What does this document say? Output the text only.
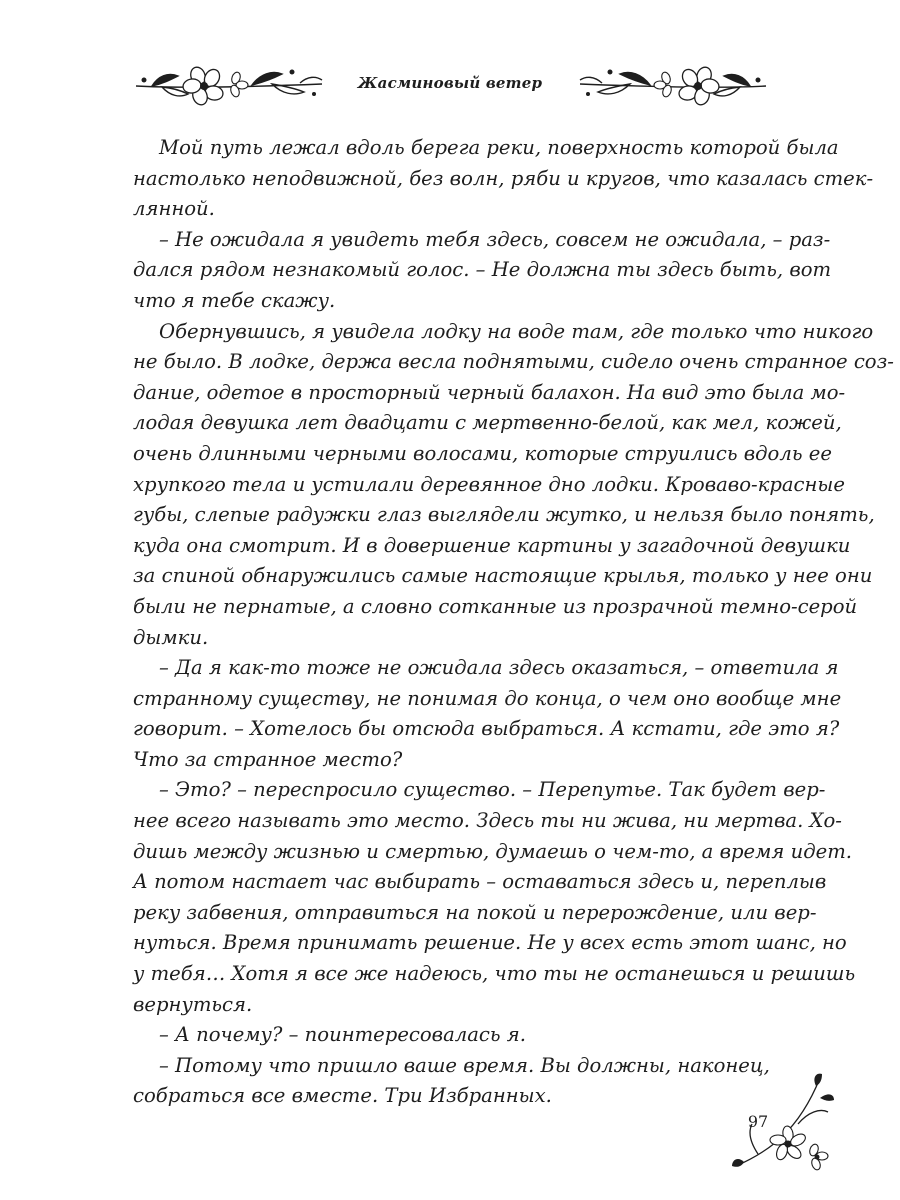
Жасминовый ветер
Мой путь лежал вдоль берега реки, поверхность которой была
настолько неподвижной, без волн, ряби и кругов, что казалась стек-
лянной.
– Не ожидала я увидеть тебя здесь, совсем не ожидала, – раз-
дался рядом незнакомый голос. – Не должна ты здесь быть, вот
что я тебе скажу.
Обернувшись, я увидела лодку на воде там, где только что никого
не было. В лодке, держа весла поднятыми, сидело очень странное соз-
дание, одетое в просторный черный балахон. На вид это была мо-
лодая девушка лет двадцати с мертвенно-белой, как мел, кожей,
очень длинными черными волосами, которые струились вдоль ее
хрупкого тела и устилали деревянное дно лодки. Кроваво-красные
губы, слепые радужки глаз выглядели жутко, и нельзя было понять,
куда она смотрит. И в довершение картины у загадочной девушки
за спиной обнаружились самые настоящие крылья, только у нее они
были не пернатые, а словно сотканные из прозрачной темно-серой
дымки.
– Да я как-то тоже не ожидала здесь оказаться, – ответила я
странному существу, не понимая до конца, о чем оно вообще мне
говорит. – Хотелось бы отсюда выбраться. А кстати, где это я?
Что за странное место?
– Это? – переспросило существо. – Перепутье. Так будет вер-
нее всего называть это место. Здесь ты ни жива, ни мертва. Хо-
дишь между жизнью и смертью, думаешь о чем-то, а время идет.
А потом настает час выбирать – оставаться здесь и, переплыв
реку забвения, отправиться на покой и перерождение, или вер-
нуться. Время принимать решение. Не у всех есть этот шанс, но
у тебя… Хотя я все же надеюсь, что ты не останешься и решишь
вернуться.
– А почему? – поинтересовалась я.
– Потому что пришло ваше время. Вы должны, наконец,
собраться все вместе. Три Избранных.
97
